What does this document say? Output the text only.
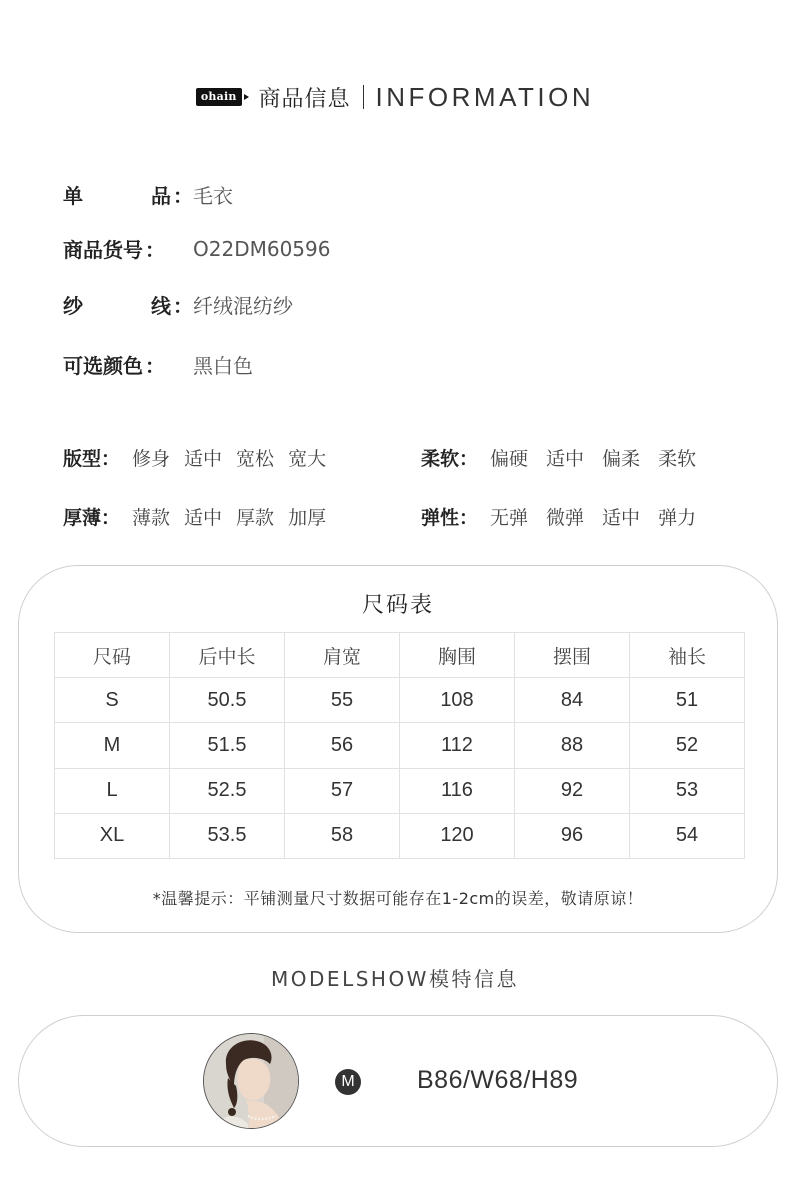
ohain 商品信息 INFORMATION
单	品 ： 毛衣
商品货号 ： O22DM60596
纱	线 ： 纤绒混纺纱
可选颜色 ： 黑白色
版型： 修身 适中 宽松 宽大
厚薄： 薄款 适中 厚款 加厚
柔软： 偏硬 适中 偏柔 柔软
弹性： 无弹 微弹 适中 弹力
尺码表
尺码	后中长	肩宽	胸围	摆围	袖长
S	50.5	55	108	84	51
M	51.5	56	112	88	52
L	52.5	57	116	92	53
XL	53.5	58	120	96	54
*温馨提示：平铺测量尺寸数据可能存在1-2cm的误差，敬请原谅！
MODELSHOW模特信息
M B86/W68/H89
